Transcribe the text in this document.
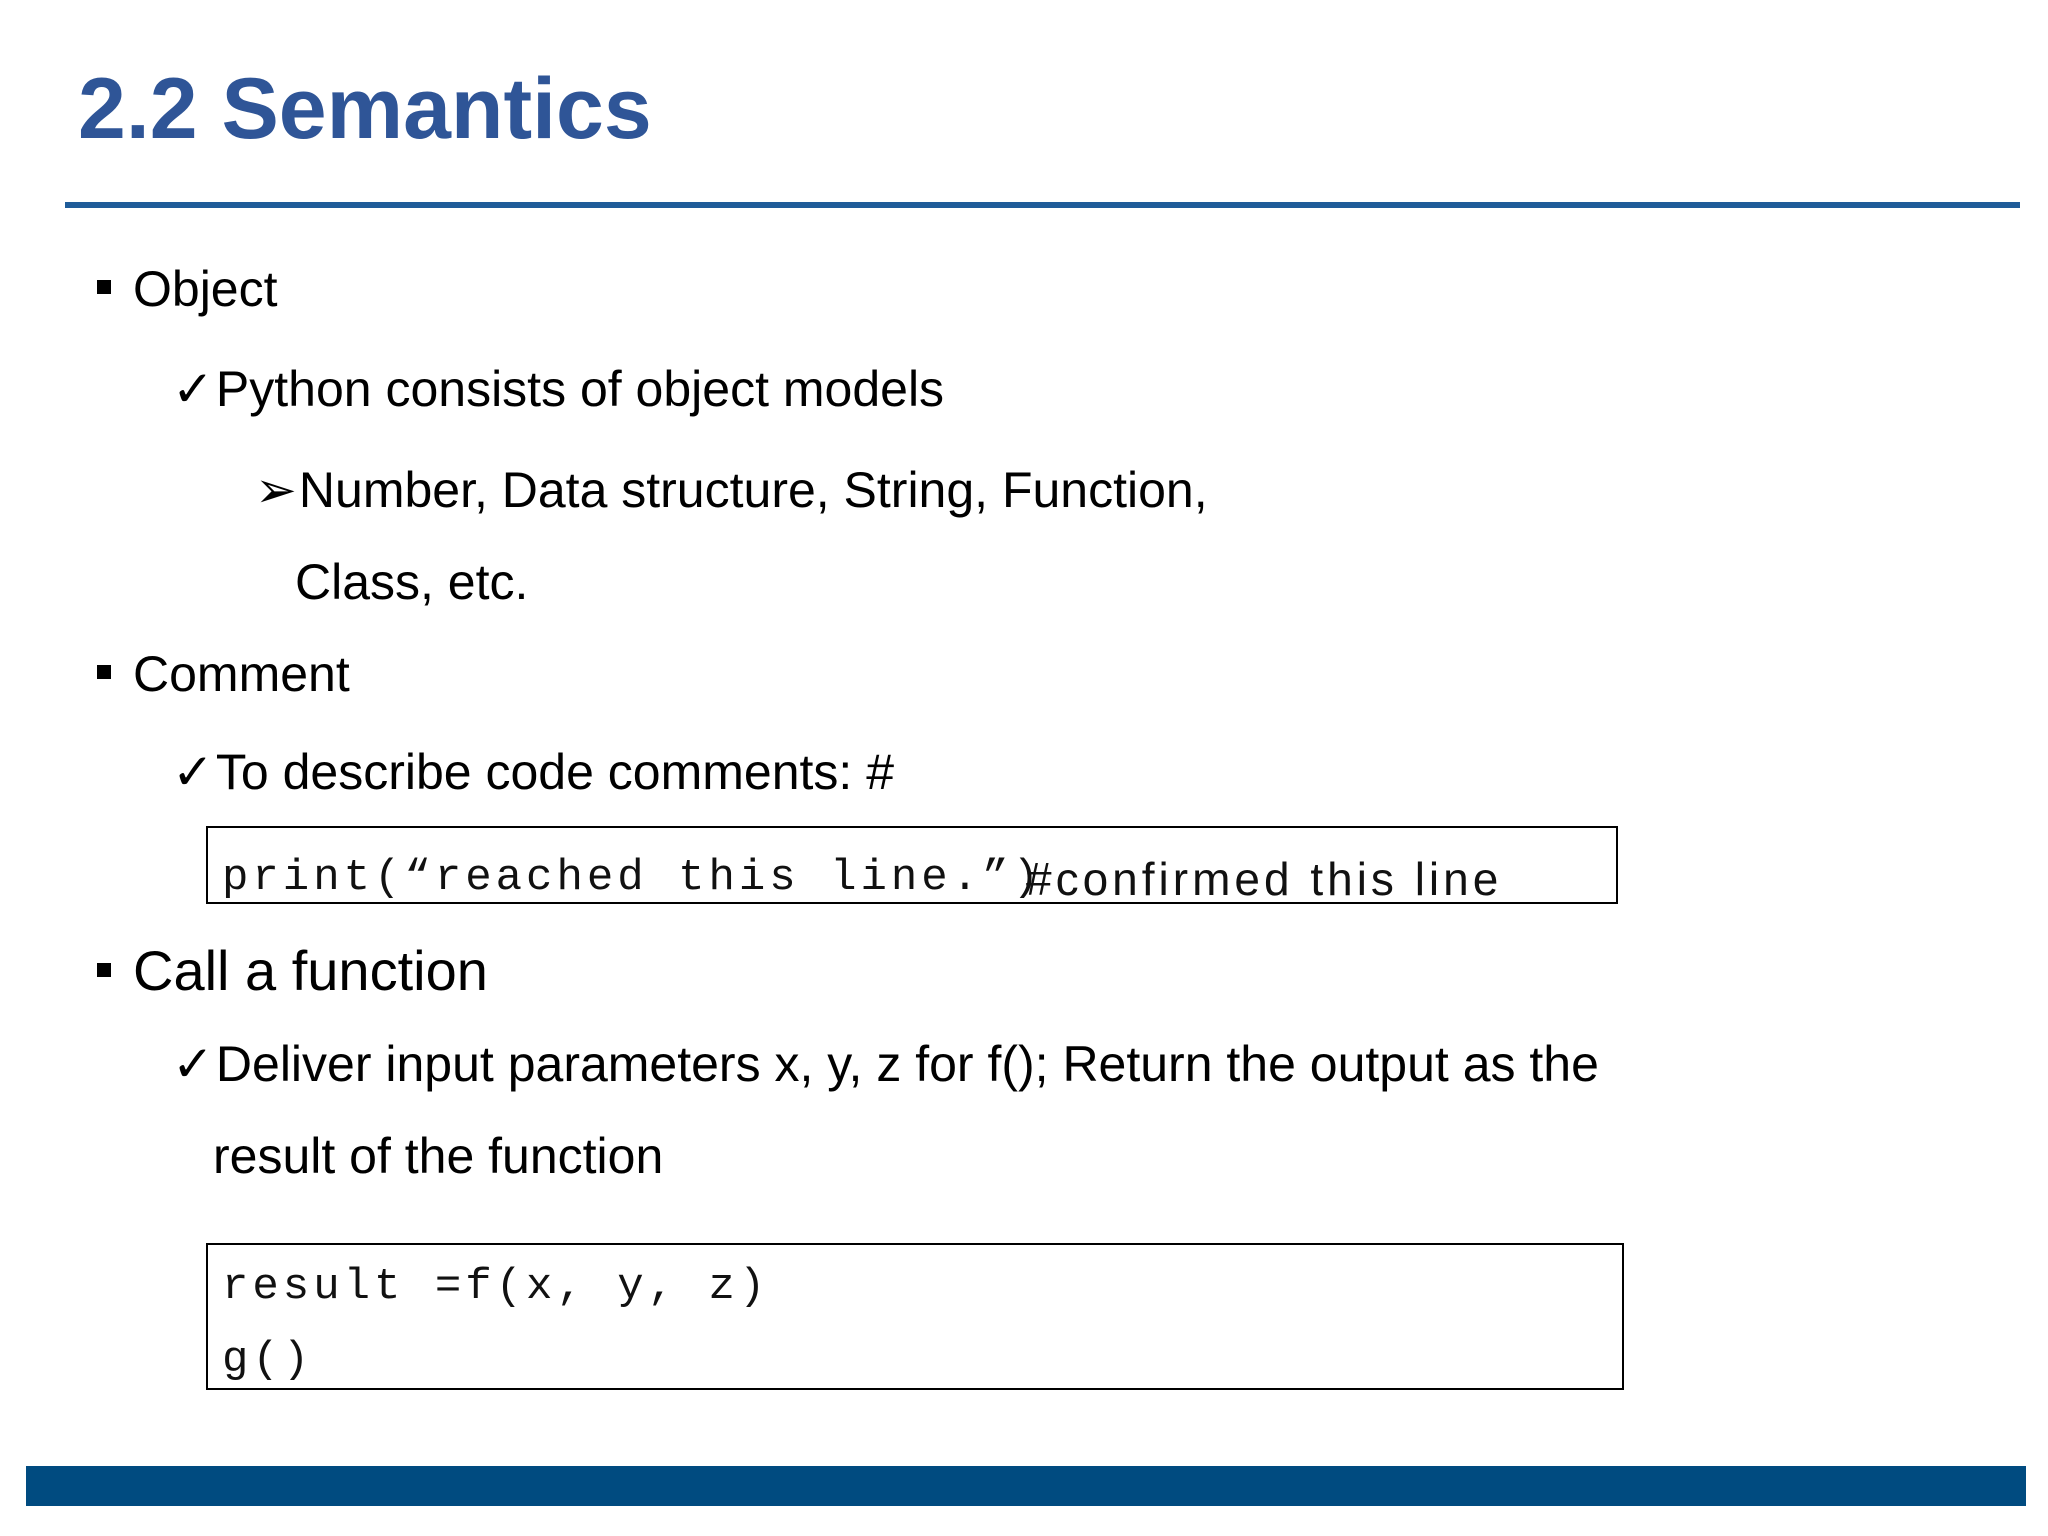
2.2 Semantics

Object

✓Python consists of object models

➢Number, Data structure, String, Function,

Class, etc.

Comment

✓To describe code comments: #

print(“reached this line.”)
#confirmed this line

Call a function

✓Deliver input parameters x, y, z for f(); Return the output as the

result of the function

result =f(x, y, z)
g()
